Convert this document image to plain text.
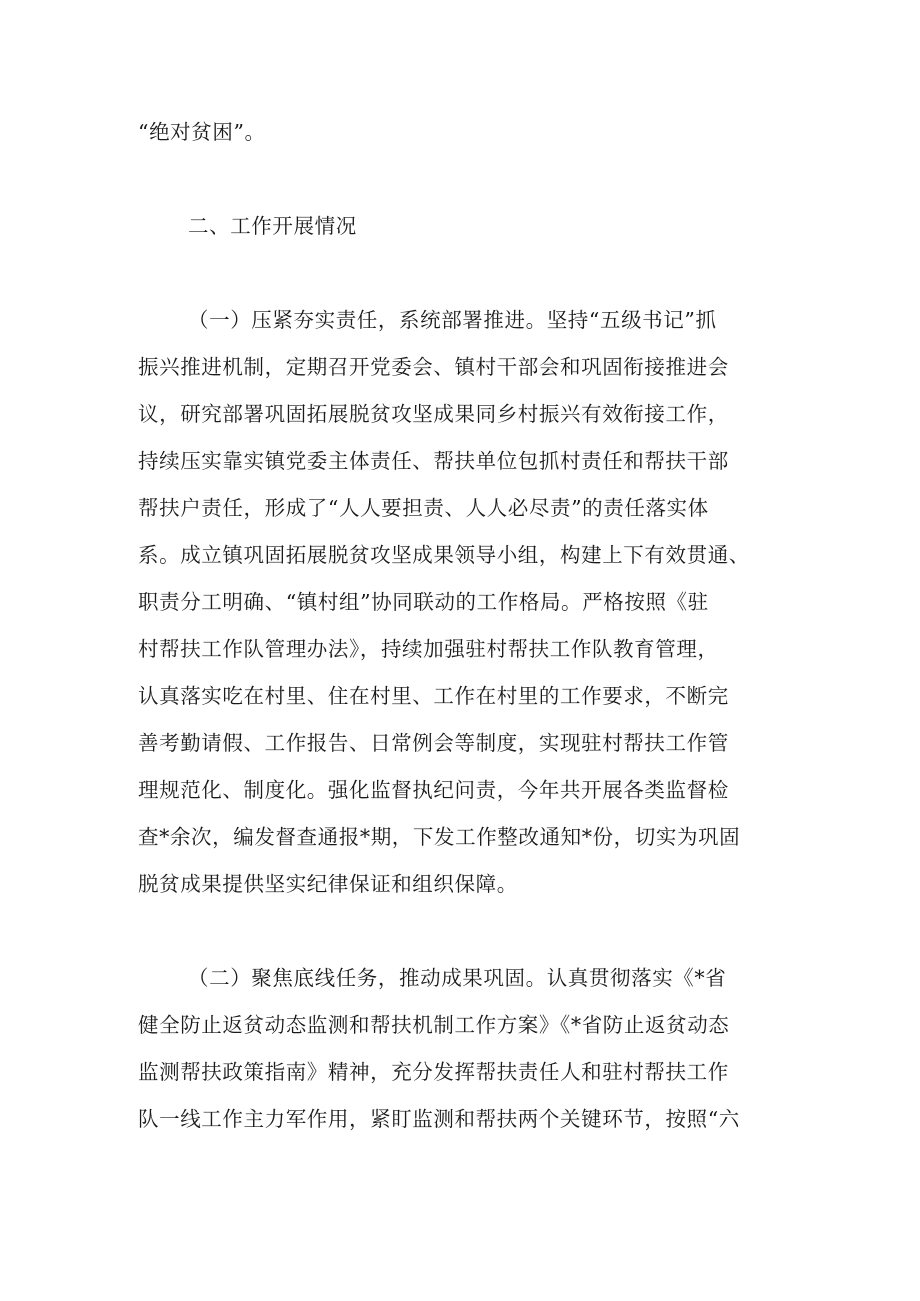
“绝对贫困”。
二、工作开展情况
（一）压紧夯实责任，系统部署推进。坚持“五级书记”抓
振兴推进机制，定期召开党委会、镇村干部会和巩固衔接推进会
议，研究部署巩固拓展脱贫攻坚成果同乡村振兴有效衔接工作，
持续压实靠实镇党委主体责任、帮扶单位包抓村责任和帮扶干部
帮扶户责任，形成了“人人要担责、人人必尽责”的责任落实体
系。成立镇巩固拓展脱贫攻坚成果领导小组，构建上下有效贯通、
职责分工明确、“镇村组”协同联动的工作格局。严格按照《驻
村帮扶工作队管理办法》，持续加强驻村帮扶工作队教育管理，
认真落实吃在村里、住在村里、工作在村里的工作要求，不断完
善考勤请假、工作报告、日常例会等制度，实现驻村帮扶工作管
理规范化、制度化。强化监督执纪问责，今年共开展各类监督检
查*余次，编发督查通报*期，下发工作整改通知*份，切实为巩固
脱贫成果提供坚实纪律保证和组织保障。
（二）聚焦底线任务，推动成果巩固。认真贯彻落实《*省
健全防止返贫动态监测和帮扶机制工作方案》《*省防止返贫动态
监测帮扶政策指南》精神，充分发挥帮扶责任人和驻村帮扶工作
队一线工作主力军作用，紧盯监测和帮扶两个关键环节，按照“六
